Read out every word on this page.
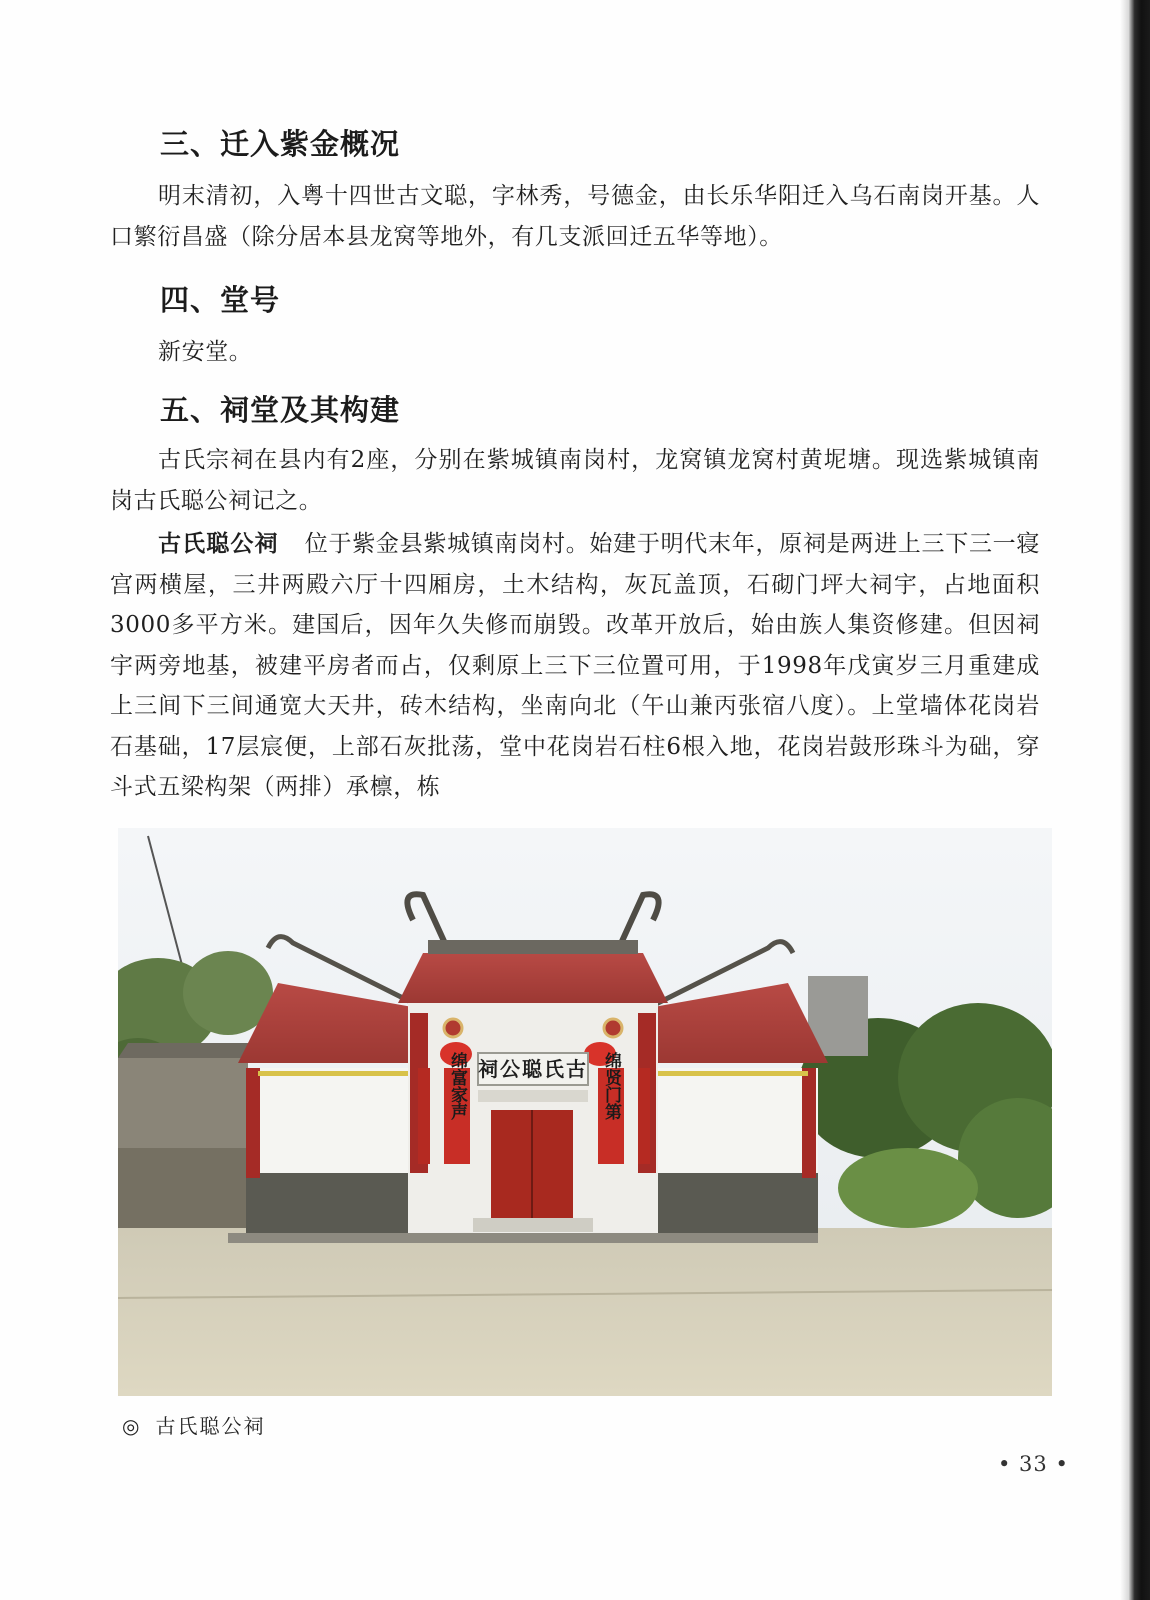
三、迁入紫金概况

明末清初，入粤十四世古文聪，字林秀，号德金，由长乐华阳迁入乌石南岗开基。人口繁衍昌盛（除分居本县龙窝等地外，有几支派回迁五华等地）。

四、堂号

新安堂。

五、祠堂及其构建

古氏宗祠在县内有2座，分别在紫城镇南岗村，龙窝镇龙窝村黄坭塘。现选紫城镇南岗古氏聪公祠记之。

古氏聪公祠 位于紫金县紫城镇南岗村。始建于明代末年，原祠是两进上三下三一寝宫两横屋，三井两殿六厅十四厢房，土木结构，灰瓦盖顶，石砌门坪大祠宇，占地面积3000多平方米。建国后，因年久失修而崩毁。改革开放后，始由族人集资修建。但因祠宇两旁地基，被建平房者而占，仅剩原上三下三位置可用，于1998年戊寅岁三月重建成上三间下三间通宽大天井，砖木结构，坐南向北（午山兼丙张宿八度）。上堂墙体花岗岩石基础，17层宸便，上部石灰批荡，堂中花岗岩石柱6根入地，花岗岩鼓形珠斗为础，穿斗式五梁构架（两排）承檩，栋

祠公聪氏古
绵富家声	绵贤门第
◎ 古氏聪公祠
• 33 •
